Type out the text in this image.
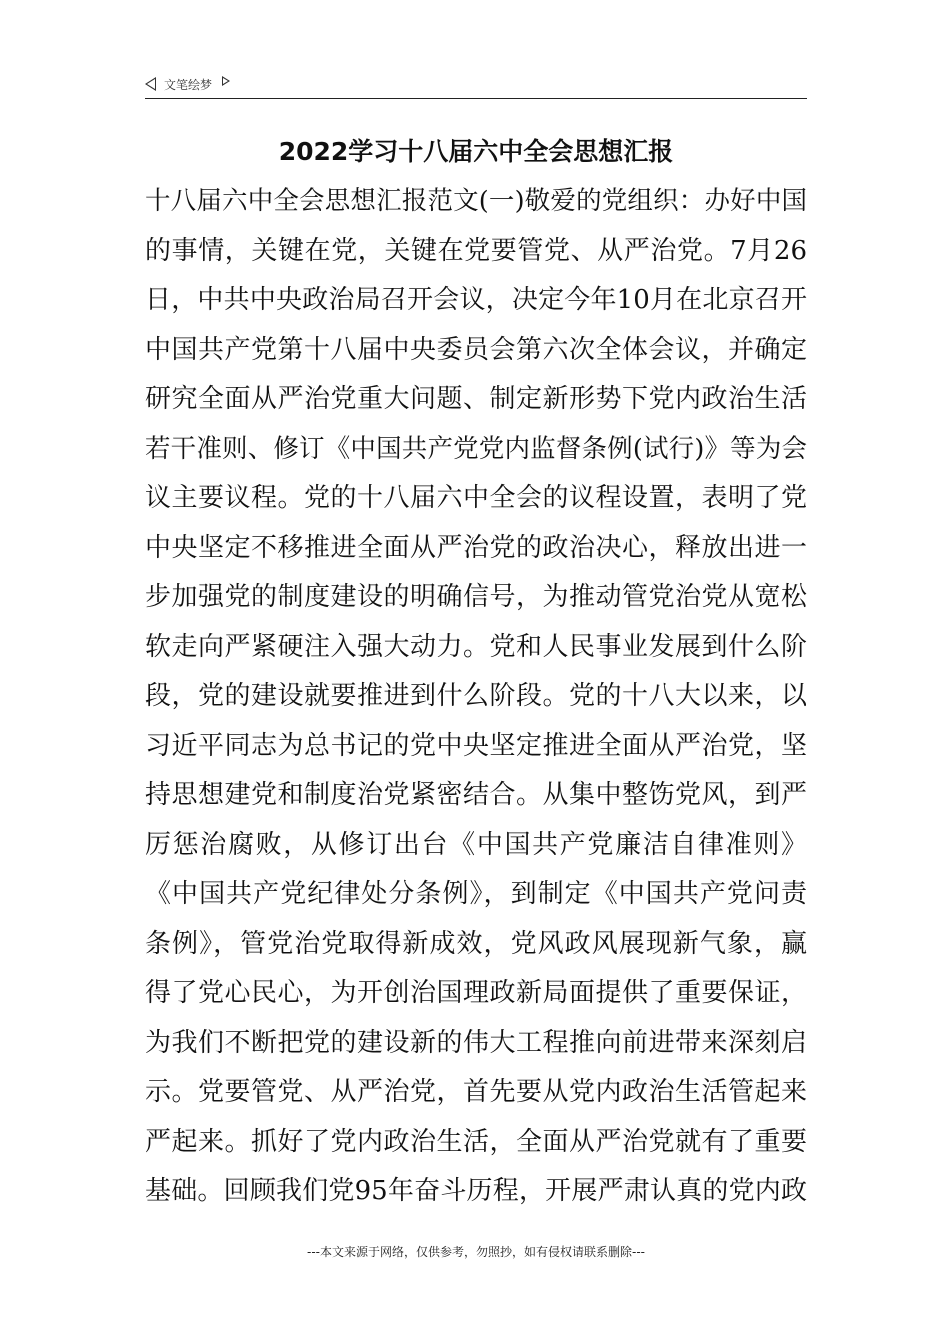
文笔绘梦
2022学习十八届六中全会思想汇报
十八届六中全会思想汇报范文(一)敬爱的党组织：办好中国
的事情，关键在党，关键在党要管党、从严治党。7月26
日，中共中央政治局召开会议，决定今年10月在北京召开
中国共产党第十八届中央委员会第六次全体会议，并确定
研究全面从严治党重大问题、制定新形势下党内政治生活
若干准则、修订《中国共产党党内监督条例(试行)》等为会
议主要议程。党的十八届六中全会的议程设置，表明了党
中央坚定不移推进全面从严治党的政治决心，释放出进一
步加强党的制度建设的明确信号，为推动管党治党从宽松
软走向严紧硬注入强大动力。党和人民事业发展到什么阶
段，党的建设就要推进到什么阶段。党的十八大以来，以
习近平同志为总书记的党中央坚定推进全面从严治党，坚
持思想建党和制度治党紧密结合。从集中整饬党风，到严
厉惩治腐败，从修订出台《中国共产党廉洁自律准则》
《中国共产党纪律处分条例》，到制定《中国共产党问责
条例》，管党治党取得新成效，党风政风展现新气象，赢
得了党心民心，为开创治国理政新局面提供了重要保证，
为我们不断把党的建设新的伟大工程推向前进带来深刻启
示。党要管党、从严治党，首先要从党内政治生活管起来
严起来。抓好了党内政治生活，全面从严治党就有了重要
基础。回顾我们党95年奋斗历程，开展严肃认真的党内政
---本文来源于网络，仅供参考，勿照抄，如有侵权请联系删除---
